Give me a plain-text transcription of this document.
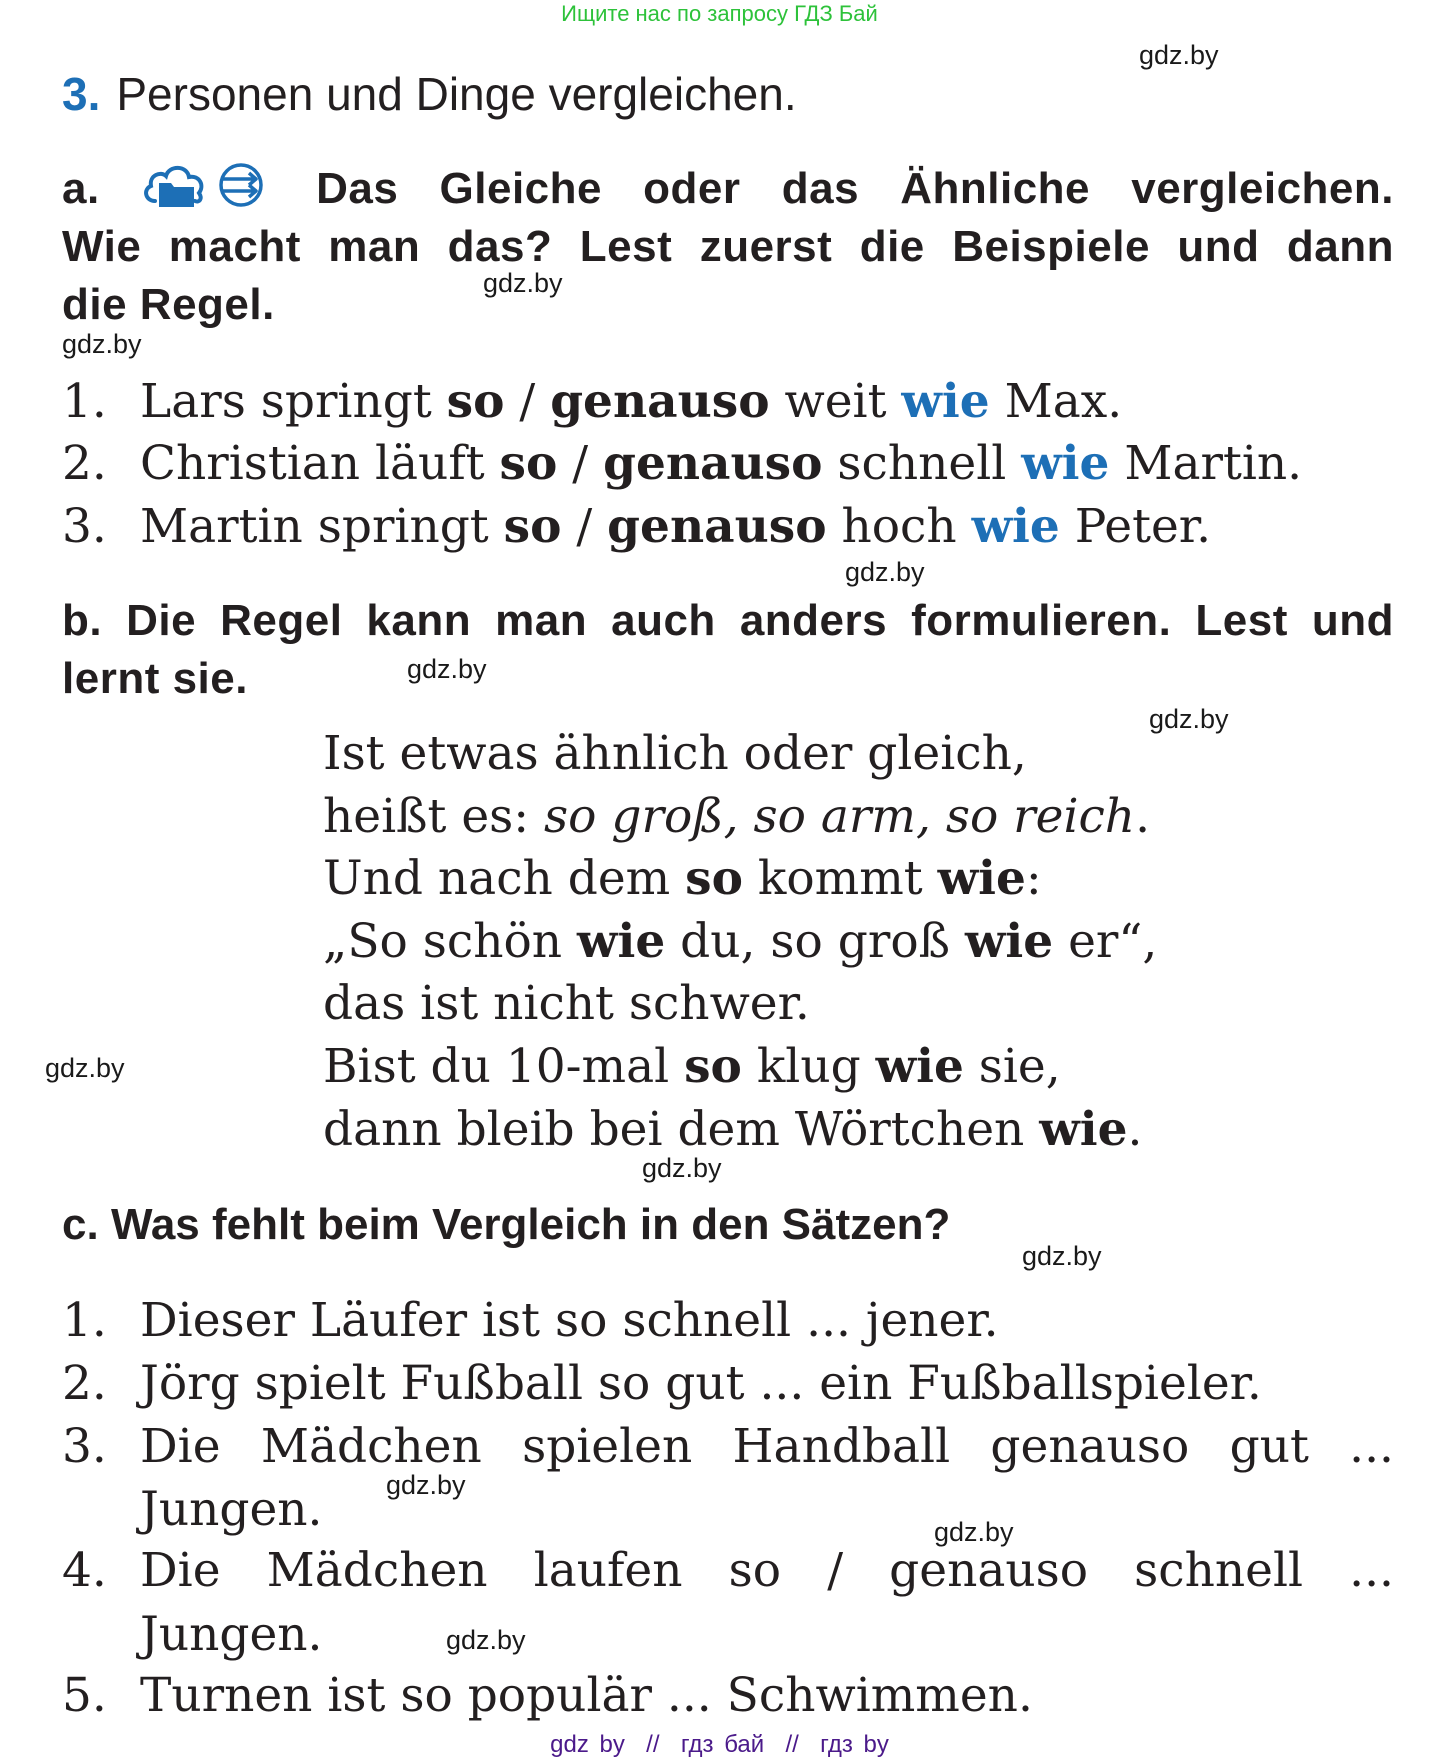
Ищите нас по запросу ГДЗ Бай
gdz.by
gdz.by
gdz.by
gdz.by
gdz.by
gdz.by
gdz.by
gdz.by
gdz.by
gdz.by
gdz.by
gdz.by
3. Personen und Dinge vergleichen.
a.	Das Gleiche oder das Ähnliche vergleichen.
Wie macht man das? Lest zuerst die Beispiele und dann
die Regel.
1. Lars springt so / genauso weit wie Max.
2. Christian läuft so / genauso schnell wie Martin.
3. Martin springt so / genauso hoch wie Peter.
b. Die Regel kann man auch anders formulieren. Lest und
lernt sie.
Ist etwas ähnlich oder gleich,
heißt es: so groß, so arm, so reich.
Und nach dem so kommt wie:
„So schön wie du, so groß wie er“,
das ist nicht schwer.
Bist du 10-mal so klug wie sie,
dann bleib bei dem Wörtchen wie.
c. Was fehlt beim Vergleich in den Sätzen?
1. Dieser Läufer ist so schnell ... jener.
2. Jörg spielt Fußball so gut ... ein Fußballspieler.
3. Die Mädchen spielen Handball genauso gut ...
Jungen.
4. Die Mädchen laufen so / genauso schnell ...
Jungen.
5. Turnen ist so populär ... Schwimmen.
gdz by  //  гдз бай  //  гдз by
